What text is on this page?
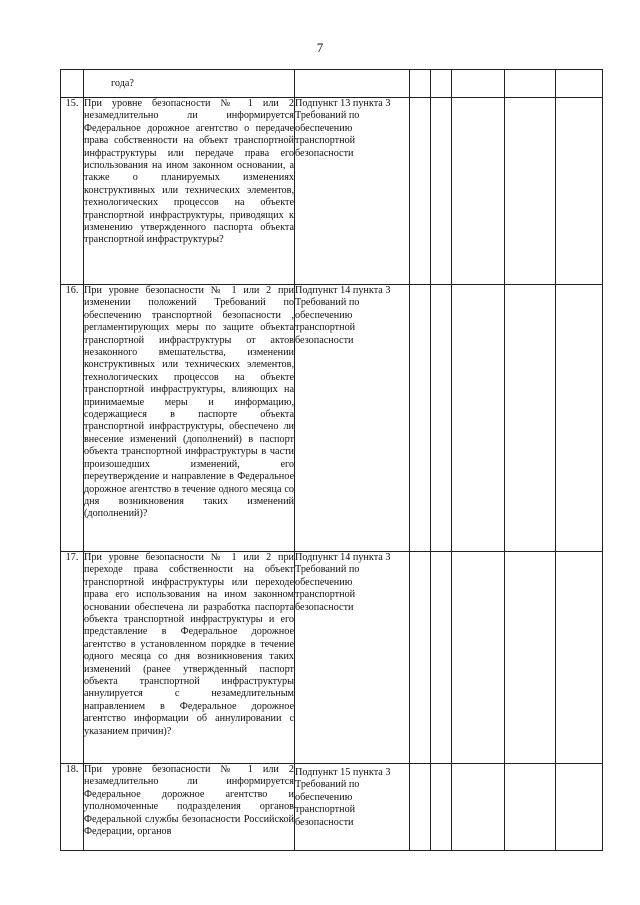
7
	года?						
15.	При уровне безопасности № 1 или 2 незамедлительно ли информируется Федеральное дорожное агентство о передаче права собственности на объект транспортной инфраструктуры или передаче права его использования на ином законном основании, а также о планируемых изменениях конструктивных или технических элементов, технологических процессов на объекте транспортной инфраструктуры, приводящих к изменению утвержденного паспорта объекта транспортной инфраструктуры?	Подпункт 13 пункта 3 Требований по обеспечению транспортной безопасности					
16.	При уровне безопасности № 1 или 2 при изменении положений Требований по обеспечению транспортной безопасности , регламентирующих меры по защите объекта транспортной инфраструктуры от актов незаконного вмешательства, изменении конструктивных или технических элементов, технологических процессов на объекте транспортной инфраструктуры, влияющих на принимаемые меры и информацию, содержащиеся в паспорте объекта транспортной инфраструктуры, обеспечено ли внесение изменений (дополнений) в паспорт объекта транспортной инфраструктуры в части произошедших изменений, его переутверждение и направление в Федеральное дорожное агентство в течение одного месяца со дня возникновения таких изменений (дополнений)?	Подпункт 14 пункта 3 Требований по обеспечению транспортной безопасности					
17.	При уровне безопасности № 1 или 2 при переходе права собственности на объект транспортной инфраструктуры или переходе права его использования на ином законном основании обеспечена ли разработка паспорта объекта транспортной инфраструктуры и его представление в Федеральное дорожное агентство в установленном порядке в течение одного месяца со дня возникновения таких изменений (ранее утвержденный паспорт объекта транспортной инфраструктуры аннулируется с незамедлительным направлением в Федеральное дорожное агентство информации об аннулировании с указанием причин)?	Подпункт 14 пункта 3 Требований по обеспечению транспортной безопасности					
18.	При уровне безопасности № 1 или 2 незамедлительно ли информируется Федеральное дорожное агентство и уполномоченные подразделения органов Федеральной службы безопасности Российской Федерации, органов	Подпункт 15 пункта 3 Требований по обеспечению транспортной безопасности					
